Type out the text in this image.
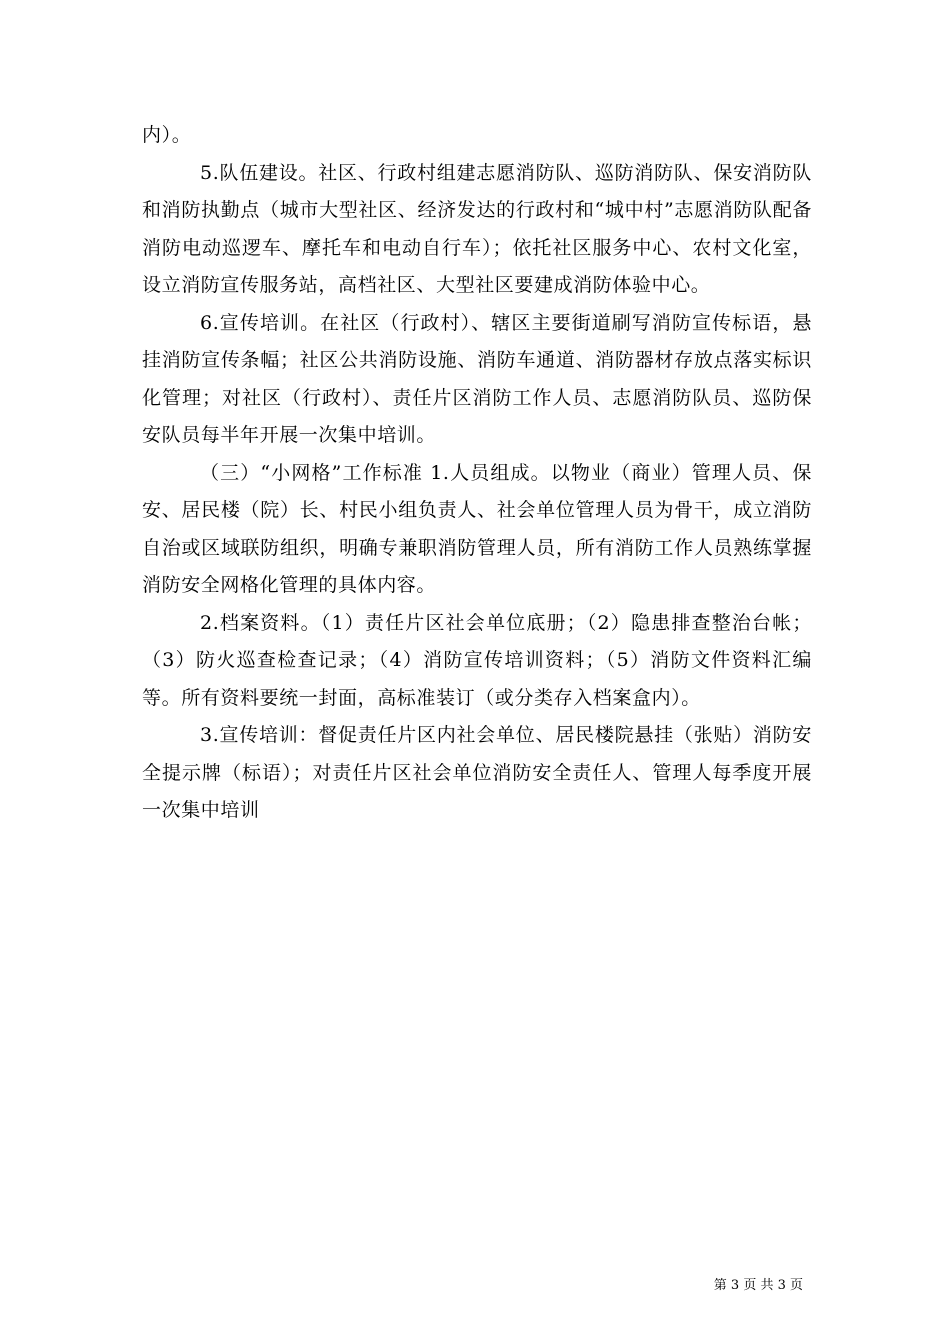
内）。

5.队伍建设。社区、行政村组建志愿消防队、巡防消防队、保安消防队和消防执勤点（城市大型社区、经济发达的行政村和“城中村”志愿消防队配备消防电动巡逻车、摩托车和电动自行车）；依托社区服务中心、农村文化室，设立消防宣传服务站，高档社区、大型社区要建成消防体验中心。

6.宣传培训。在社区（行政村）、辖区主要街道刷写消防宣传标语，悬挂消防宣传条幅；社区公共消防设施、消防车通道、消防器材存放点落实标识化管理；对社区（行政村）、责任片区消防工作人员、志愿消防队员、巡防保安队员每半年开展一次集中培训。

（三）“小网格”工作标准 1.人员组成。以物业（商业）管理人员、保安、居民楼（院）长、村民小组负责人、社会单位管理人员为骨干，成立消防自治或区域联防组织，明确专兼职消防管理人员，所有消防工作人员熟练掌握消防安全网格化管理的具体内容。

2.档案资料。（1）责任片区社会单位底册；（2）隐患排查整治台帐；（3）防火巡查检查记录；（4）消防宣传培训资料；（5）消防文件资料汇编等。所有资料要统一封面，高标准装订（或分类存入档案盒内）。

3.宣传培训：督促责任片区内社会单位、居民楼院悬挂（张贴）消防安全提示牌（标语）；对责任片区社会单位消防安全责任人、管理人每季度开展一次集中培训

第 3 页 共 3 页
